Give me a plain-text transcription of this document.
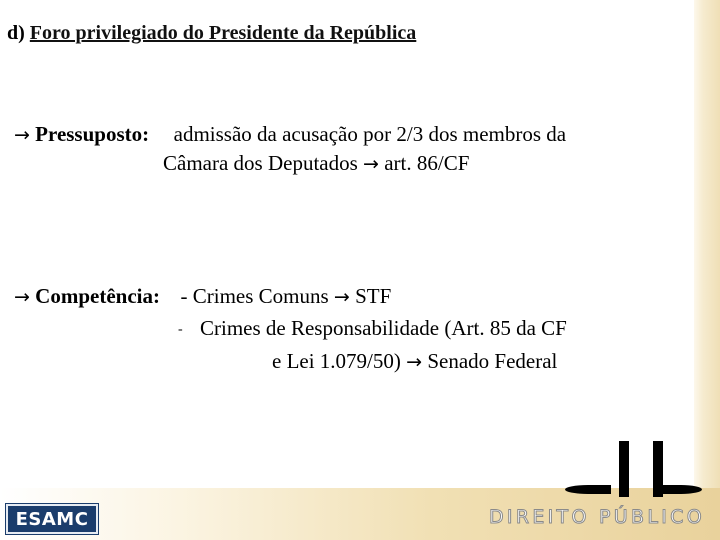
d) Foro privilegiado do Presidente da República
→ Pressuposto: admissão da acusação por 2/3 dos membros da
Câmara dos Deputados → art. 86/CF
→ Competência: - Crimes Comuns → STF
- Crimes de Responsabilidade (Art. 85 da CF
e Lei 1.079/50) → Senado Federal
ESAMC	DIREITO PÚBLICO
